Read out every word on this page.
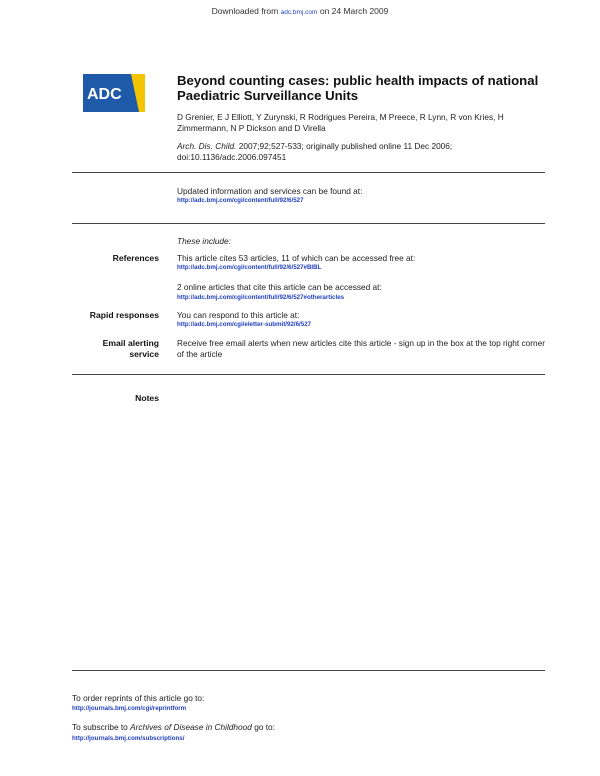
Downloaded from adc.bmj.com on 24 March 2009
ADC
Beyond counting cases: public health impacts of national Paediatric Surveillance Units
D Grenier, E J Elliott, Y Zurynski, R Rodrigues Pereira, M Preece, R Lynn, R von Kries, H Zimmermann, N P Dickson and D Virella
Arch. Dis. Child. 2007;92;527-533; originally published online 11 Dec 2006;
doi:10.1136/adc.2006.097451
Updated information and services can be found at:
http://adc.bmj.com/cgi/content/full/92/6/527
These include:
References This article cites 53 articles, 11 of which can be accessed free at:
http://adc.bmj.com/cgi/content/full/92/6/527#BIBL
2 online articles that cite this article can be accessed at:
http://adc.bmj.com/cgi/content/full/92/6/527#otherarticles
Rapid responses You can respond to this article at:
http://adc.bmj.com/cgi/eletter-submit/92/6/527
Email alerting
service
Receive free email alerts when new articles cite this article - sign up in the box at the top right corner of the article
Notes
To order reprints of this article go to:
http://journals.bmj.com/cgi/reprintform
To subscribe to Archives of Disease in Childhood go to:
http://journals.bmj.com/subscriptions/
